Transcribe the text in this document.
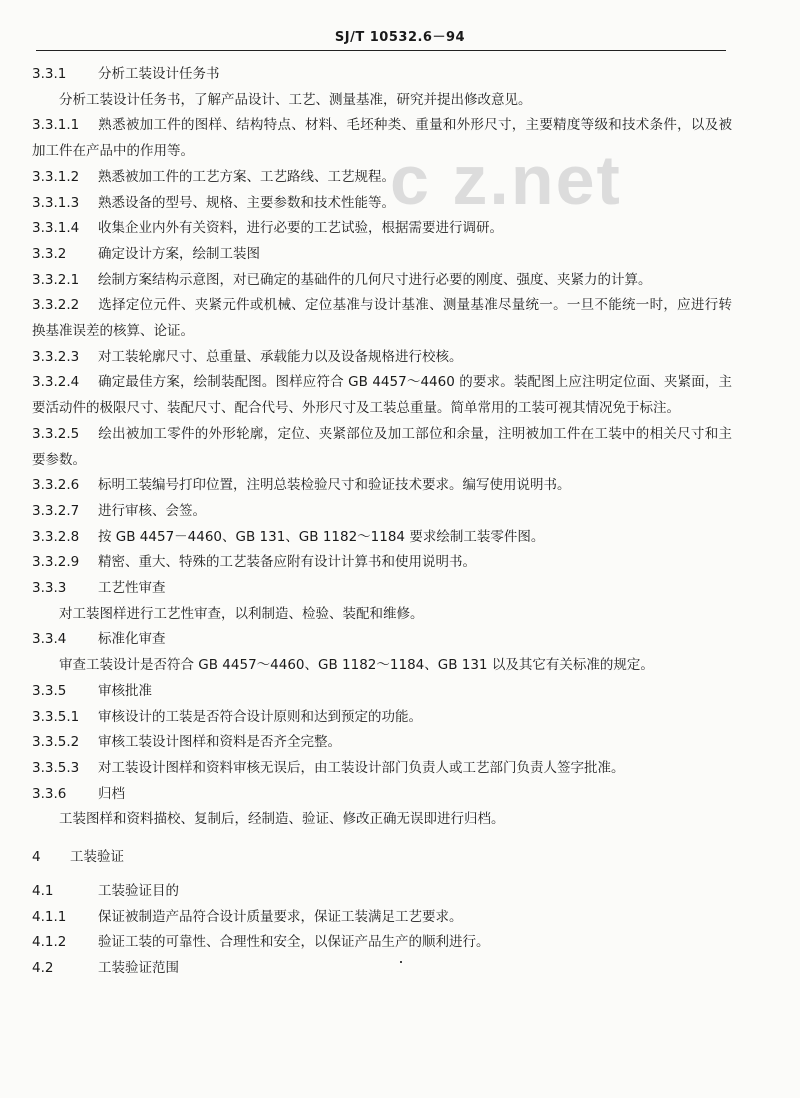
SJ/T 10532.6－94
c z.net

3.3.1 分析工装设计任务书

分析工装设计任务书，了解产品设计、工艺、测量基准，研究并提出修改意见。

3.3.1.1 熟悉被加工件的图样、结构特点、材料、毛坯种类、重量和外形尺寸，主要精度等级和技术条件，以及被加工件在产品中的作用等。

3.3.1.2 熟悉被加工件的工艺方案、工艺路线、工艺规程。

3.3.1.3 熟悉设备的型号、规格、主要参数和技术性能等。

3.3.1.4 收集企业内外有关资料，进行必要的工艺试验，根据需要进行调研。

3.3.2 确定设计方案，绘制工装图

3.3.2.1 绘制方案结构示意图，对已确定的基础件的几何尺寸进行必要的刚度、强度、夹紧力的计算。

3.3.2.2 选择定位元件、夹紧元件或机械、定位基准与设计基准、测量基准尽量统一。一旦不能统一时，应进行转换基准误差的核算、论证。

3.3.2.3 对工装轮廓尺寸、总重量、承载能力以及设备规格进行校核。

3.3.2.4 确定最佳方案，绘制装配图。图样应符合 GB 4457～4460 的要求。装配图上应注明定位面、夹紧面，主要活动件的极限尺寸、装配尺寸、配合代号、外形尺寸及工装总重量。简单常用的工装可视其情况免于标注。

3.3.2.5 绘出被加工零件的外形轮廓，定位、夹紧部位及加工部位和余量，注明被加工件在工装中的相关尺寸和主要参数。

3.3.2.6 标明工装编号打印位置，注明总装检验尺寸和验证技术要求。编写使用说明书。

3.3.2.7 进行审核、会签。

3.3.2.8 按 GB 4457－4460、GB 131、GB 1182～1184 要求绘制工装零件图。

3.3.2.9 精密、重大、特殊的工艺装备应附有设计计算书和使用说明书。

3.3.3 工艺性审查

对工装图样进行工艺性审查，以利制造、检验、装配和维修。

3.3.4 标准化审查

审查工装设计是否符合 GB 4457～4460、GB 1182～1184、GB 131 以及其它有关标准的规定。

3.3.5 审核批准

3.3.5.1 审核设计的工装是否符合设计原则和达到预定的功能。

3.3.5.2 审核工装设计图样和资料是否齐全完整。

3.3.5.3 对工装设计图样和资料审核无误后，由工装设计部门负责人或工艺部门负责人签字批准。

3.3.6 归档

工装图样和资料描校、复制后，经制造、验证、修改正确无误即进行归档。

4 工装验证

4.1	工装验证目的

4.1.1 保证被制造产品符合设计质量要求，保证工装满足工艺要求。

4.1.2 验证工装的可靠性、合理性和安全，以保证产品生产的顺利进行。

4.2	工装验证范围
